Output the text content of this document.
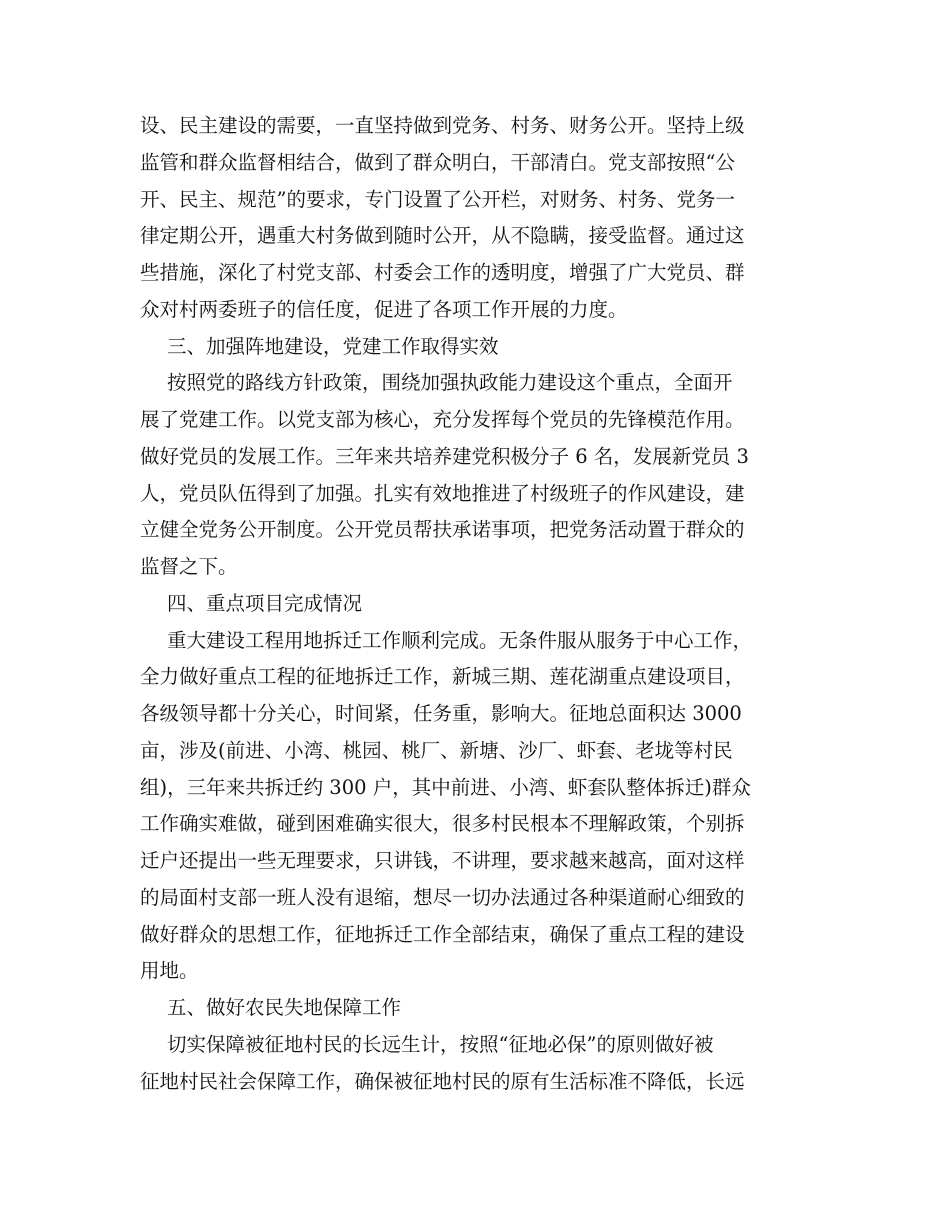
设、民主建设的需要，一直坚持做到党务、村务、财务公开。坚持上级
监管和群众监督相结合，做到了群众明白，干部清白。党支部按照“公
开、民主、规范”的要求，专门设置了公开栏，对财务、村务、党务一
律定期公开，遇重大村务做到随时公开，从不隐瞒，接受监督。通过这
些措施，深化了村党支部、村委会工作的透明度，增强了广大党员、群
众对村两委班子的信任度，促进了各项工作开展的力度。
三、加强阵地建设，党建工作取得实效
按照党的路线方针政策，围绕加强执政能力建设这个重点，全面开
展了党建工作。以党支部为核心，充分发挥每个党员的先锋模范作用。
做好党员的发展工作。三年来共培养建党积极分子 6 名，发展新党员 3
人，党员队伍得到了加强。扎实有效地推进了村级班子的作风建设，建
立健全党务公开制度。公开党员帮扶承诺事项，把党务活动置于群众的
监督之下。
四、重点项目完成情况
重大建设工程用地拆迁工作顺利完成。无条件服从服务于中心工作，
全力做好重点工程的征地拆迁工作，新城三期、莲花湖重点建设项目，
各级领导都十分关心，时间紧，任务重，影响大。征地总面积达 3000
亩，涉及(前进、小湾、桃园、桃厂、新塘、沙厂、虾套、老垅等村民
组)，三年来共拆迁约 300 户，其中前进、小湾、虾套队整体拆迁)群众
工作确实难做，碰到困难确实很大，很多村民根本不理解政策，个别拆
迁户还提出一些无理要求，只讲钱，不讲理，要求越来越高，面对这样
的局面村支部一班人没有退缩，想尽一切办法通过各种渠道耐心细致的
做好群众的思想工作，征地拆迁工作全部结束，确保了重点工程的建设
用地。
五、做好农民失地保障工作
切实保障被征地村民的长远生计，按照“征地必保”的原则做好被
征地村民社会保障工作，确保被征地村民的原有生活标准不降低，长远
